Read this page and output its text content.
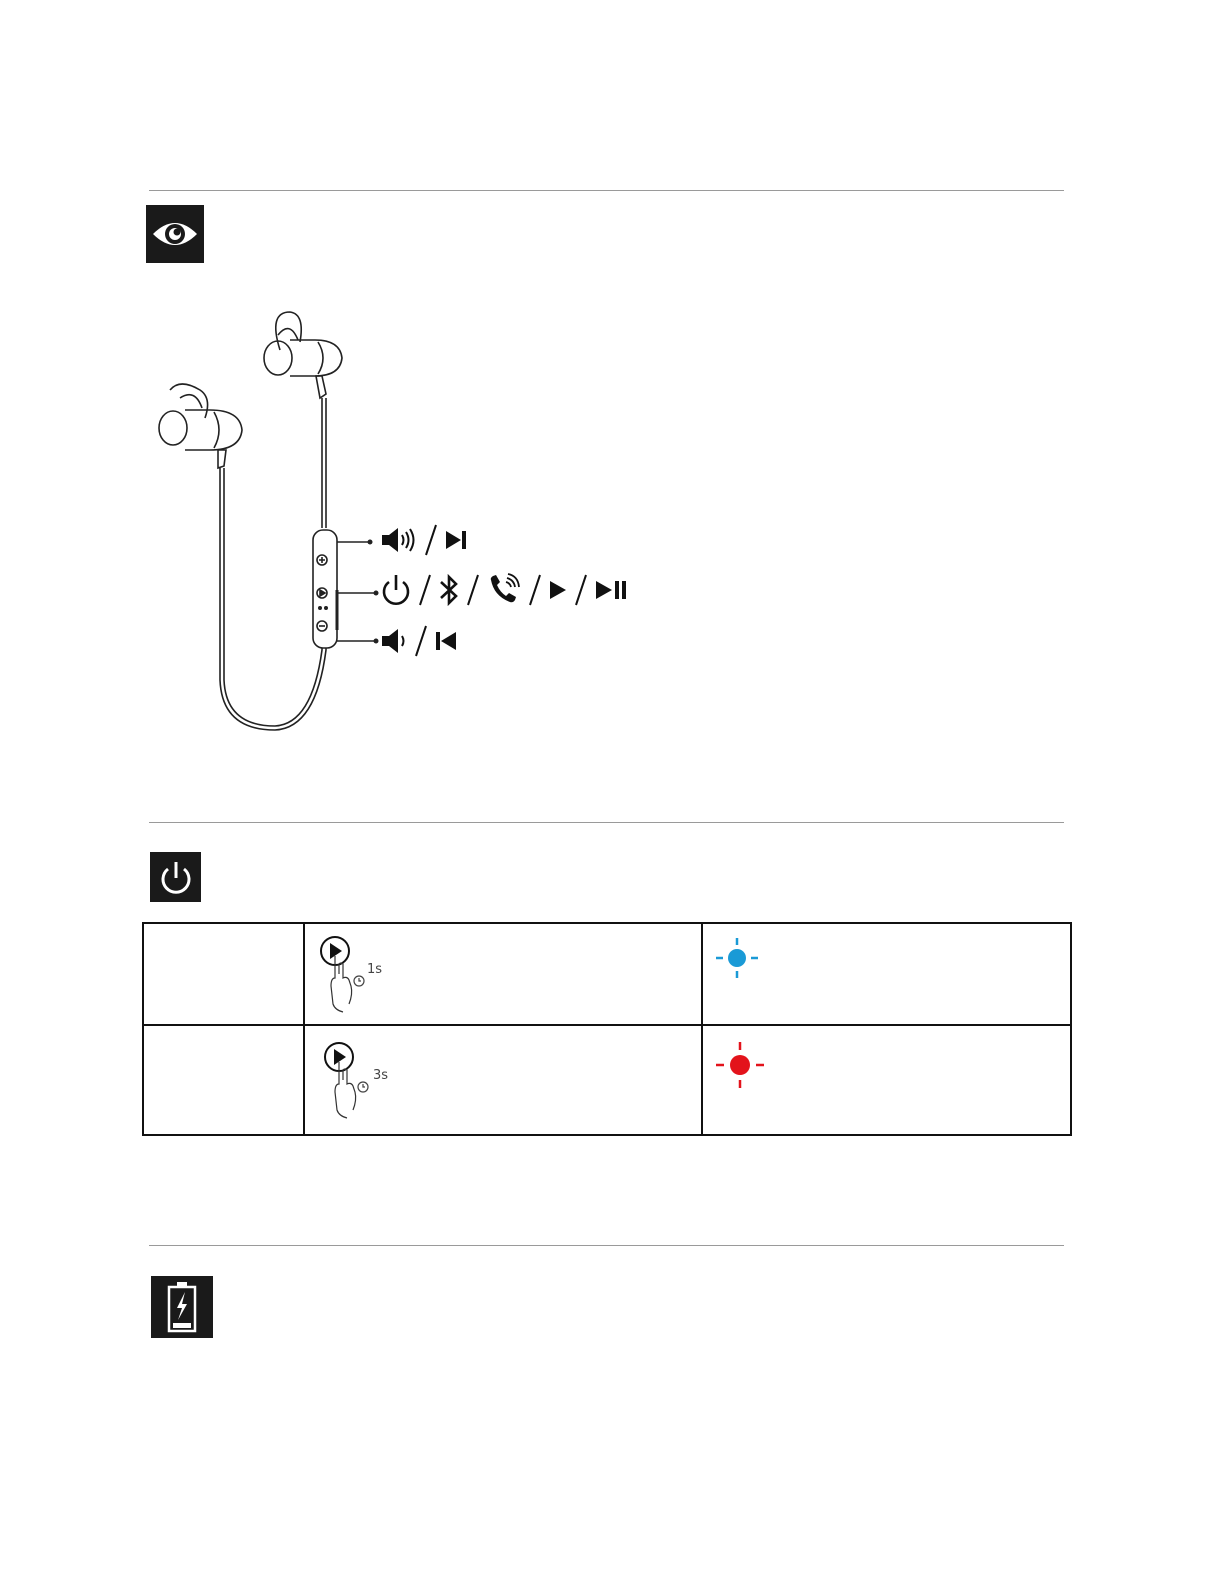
	1s

	3s
